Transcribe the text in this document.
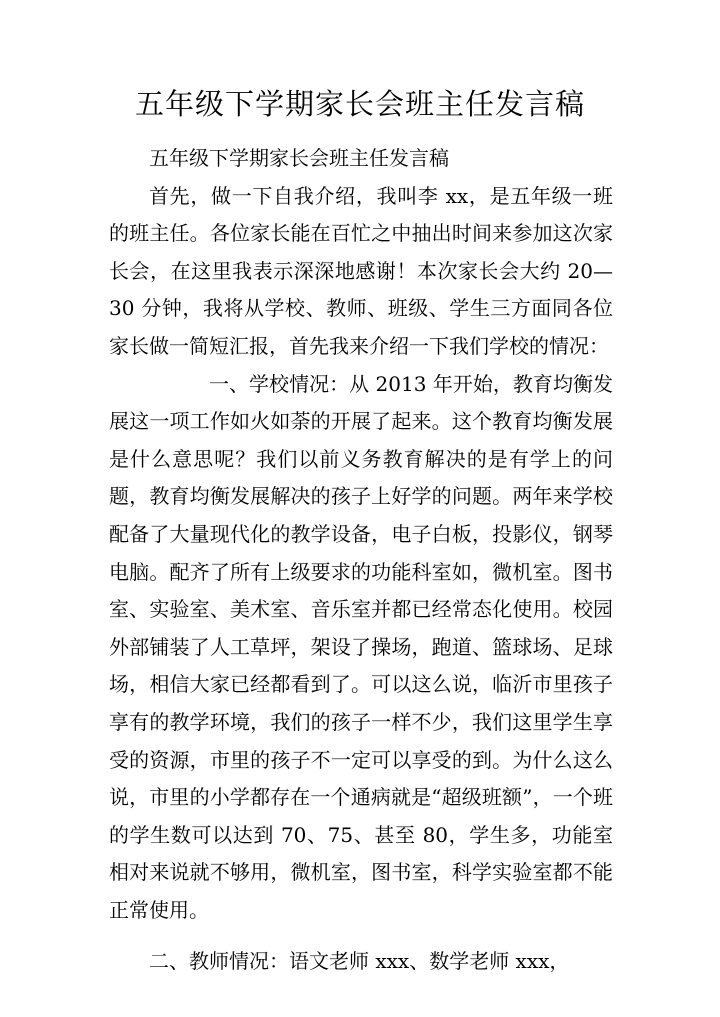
五年级下学期家长会班主任发言稿

五年级下学期家长会班主任发言稿

首先，做一下自我介绍，我叫李 xx，是五年级一班的班主任。各位家长能在百忙之中抽出时间来参加这次家长会，在这里我表示深深地感谢！本次家长会大约 20—30 分钟，我将从学校、教师、班级、学生三方面同各位家长做一简短汇报，首先我来介绍一下我们学校的情况：

一、学校情况：从 2013 年开始，教育均衡发展这一项工作如火如荼的开展了起来。这个教育均衡发展是什么意思呢？我们以前义务教育解决的是有学上的问题，教育均衡发展解决的孩子上好学的问题。两年来学校配备了大量现代化的教学设备，电子白板，投影仪，钢琴电脑。配齐了所有上级要求的功能科室如，微机室。图书室、实验室、美术室、音乐室并都已经常态化使用。校园外部铺装了人工草坪，架设了操场，跑道、篮球场、足球场，相信大家已经都看到了。可以这么说，临沂市里孩子享有的教学环境，我们的孩子一样不少，我们这里学生享受的资源，市里的孩子不一定可以享受的到。为什么这么说，市里的小学都存在一个通病就是“超级班额”，一个班的学生数可以达到 70、75、甚至 80，学生多，功能室相对来说就不够用，微机室，图书室，科学实验室都不能正常使用。

二、教师情况：语文老师 xxx、数学老师 xxx，
